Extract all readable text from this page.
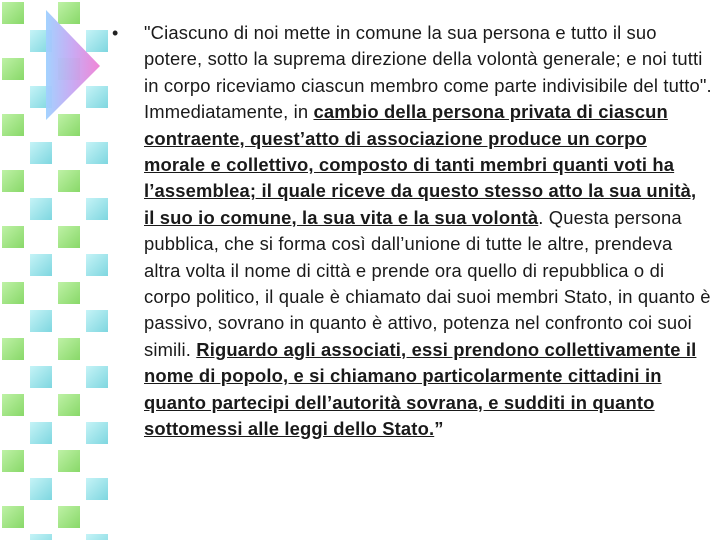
•	"Ciascuno di noi mette in comune la sua persona e tutto il suo potere, sotto la suprema direzione della volontà generale; e noi tutti in corpo riceviamo ciascun membro come parte indivisibile del tutto". Immediatamente, in cambio della persona privata di ciascun contraente, quest’atto di associazione produce un corpo morale e collettivo, composto di tanti membri quanti voti ha l’assemblea; il quale riceve da questo stesso atto la sua unità, il suo io comune, la sua vita e la sua volontà. Questa persona pubblica, che si forma così dall’unione di tutte le altre, prendeva altra volta il nome di città e prende ora quello di repubblica o di corpo politico, il quale è chiamato dai suoi membri Stato, in quanto è passivo, sovrano in quanto è attivo, potenza nel confronto coi suoi simili. Riguardo agli associati, essi prendono collettivamente il nome di popolo, e si chiamano particolarmente cittadini in quanto partecipi dell’autorità sovrana, e sudditi in quanto sottomessi alle leggi dello Stato.”
